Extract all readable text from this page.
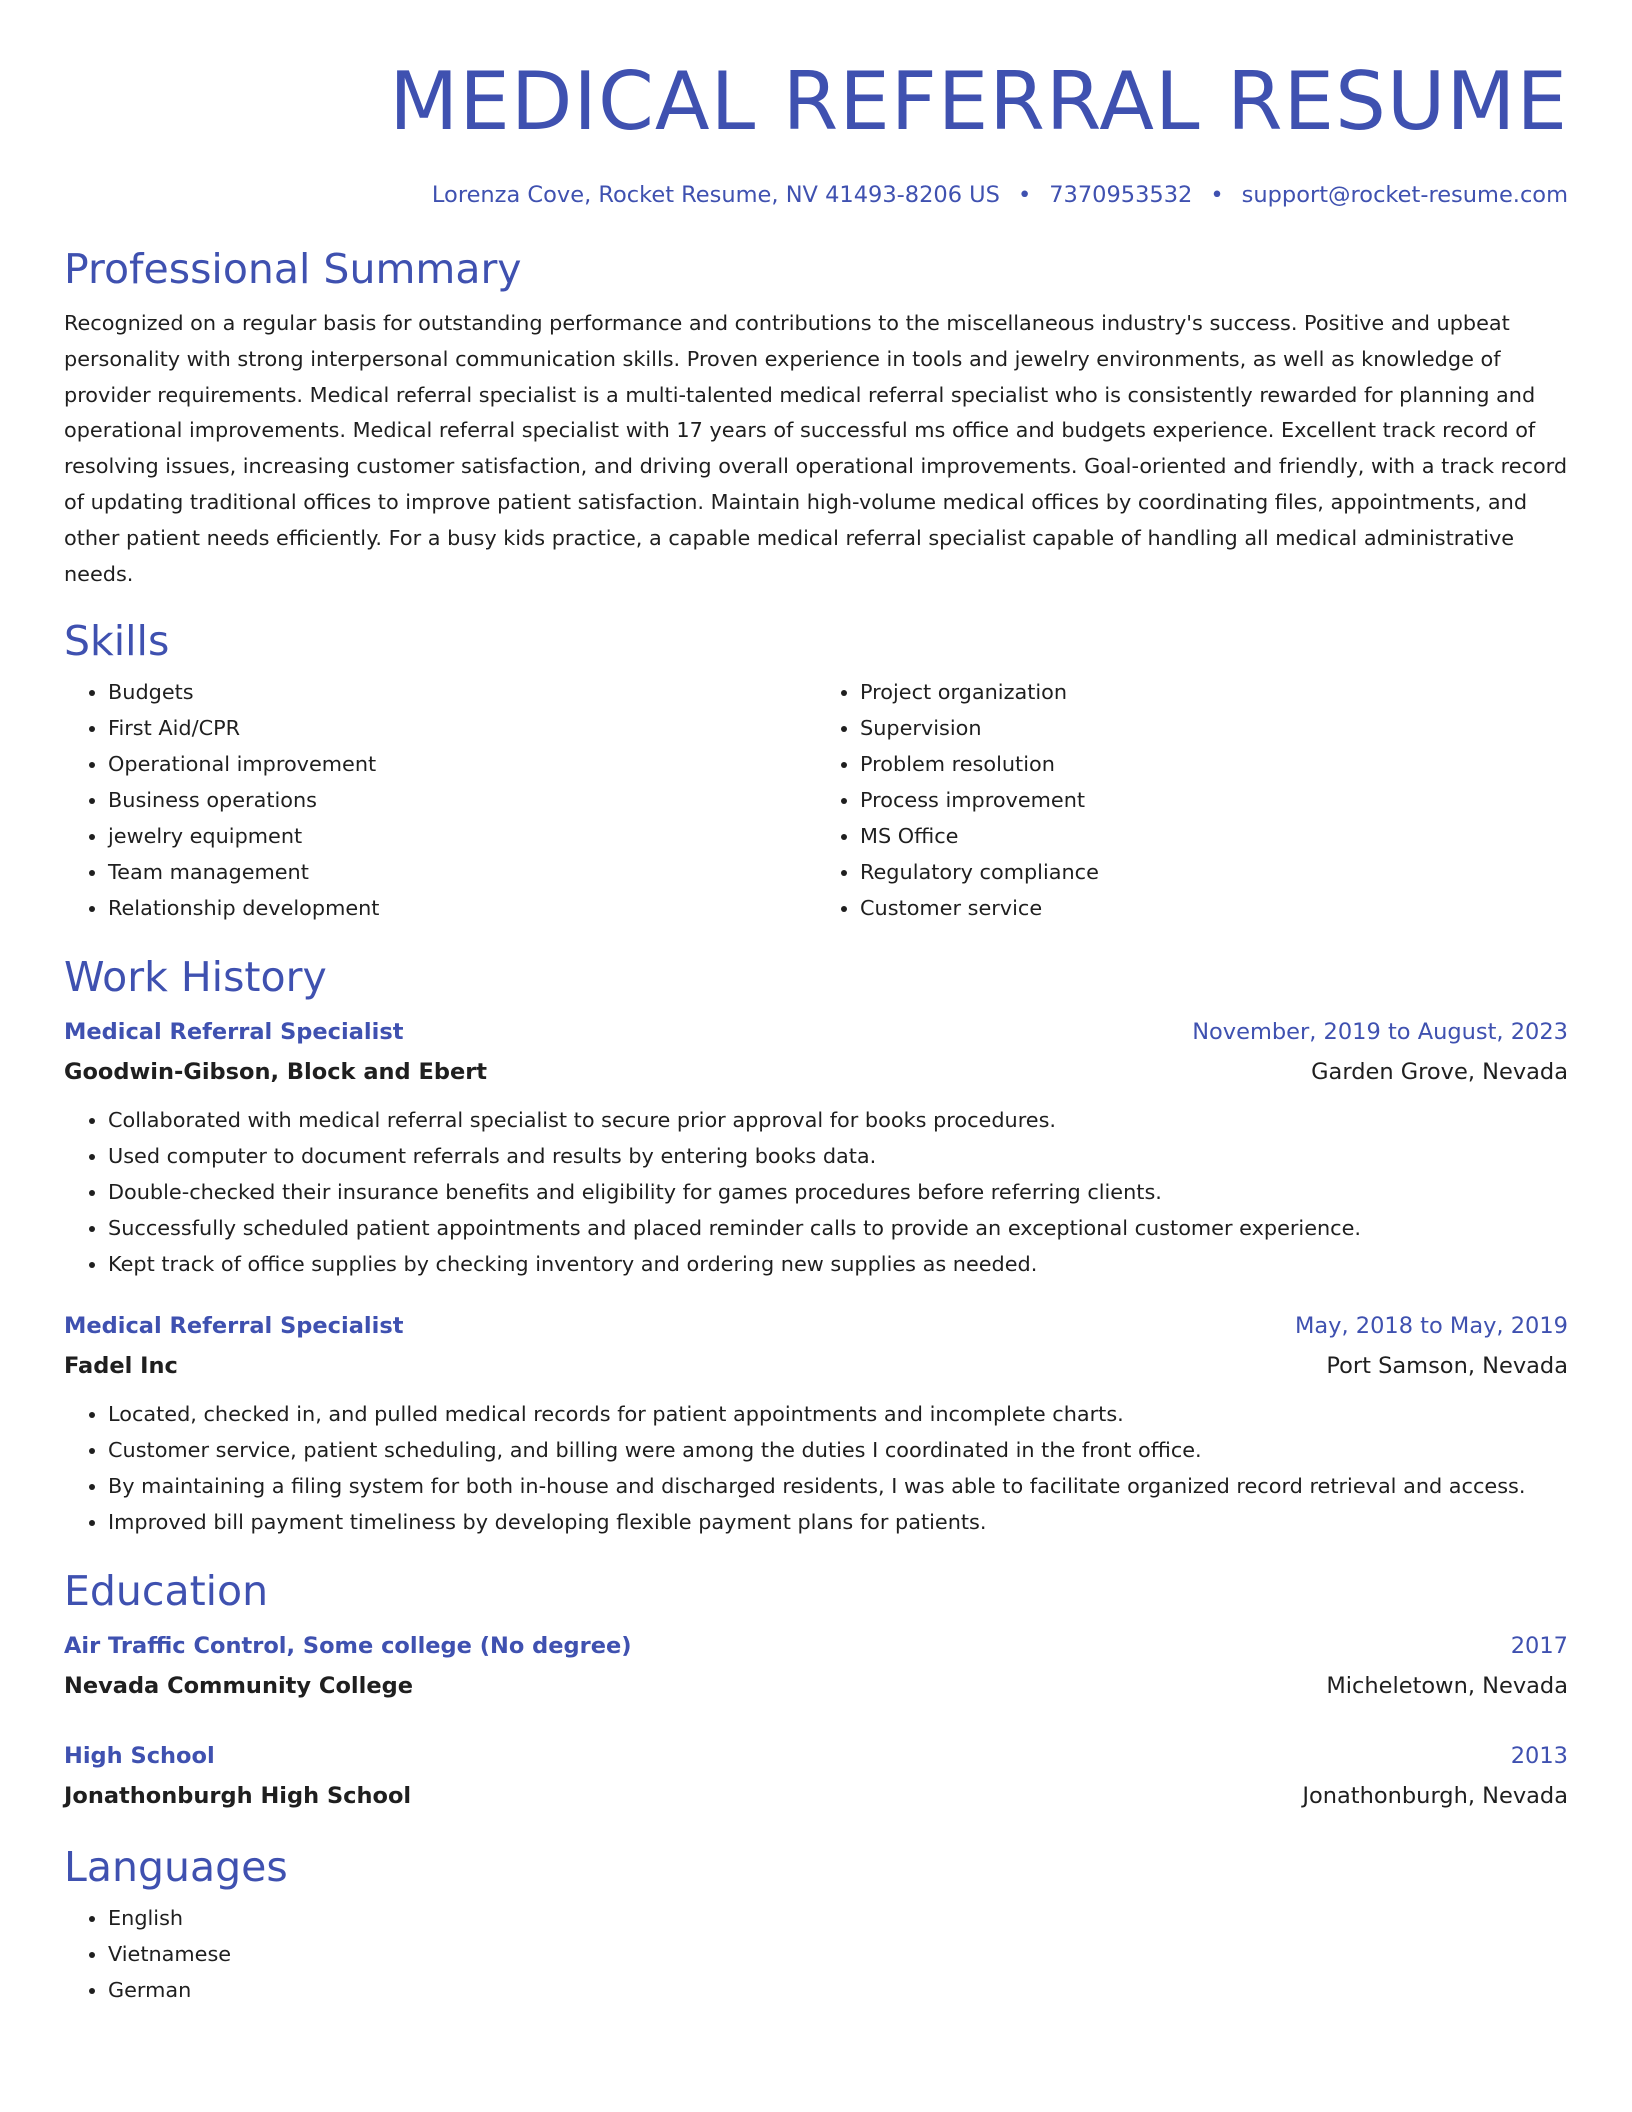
MEDICAL REFERRAL RESUME
Lorenza Cove, Rocket Resume, NV 41493-8206 US • 7370953532 • support@rocket-resume.com
Professional Summary

Recognized on a regular basis for outstanding performance and contributions to the miscellaneous industry's success. Positive and upbeat personality with strong interpersonal communication skills. Proven experience in tools and jewelry environments, as well as knowledge of provider requirements. Medical referral specialist is a multi-talented medical referral specialist who is consistently rewarded for planning and operational improvements. Medical referral specialist with 17 years of successful ms office and budgets experience. Excellent track record of resolving issues, increasing customer satisfaction, and driving overall operational improvements. Goal-oriented and friendly, with a track record of updating traditional offices to improve patient satisfaction. Maintain high-volume medical offices by coordinating files, appointments, and other patient needs efficiently. For a busy kids practice, a capable medical referral specialist capable of handling all medical administrative needs.

Skills
• Budgets
• First Aid/CPR
• Operational improvement
• Business operations
• jewelry equipment
• Team management
• Relationship development
• Project organization
• Supervision
• Problem resolution
• Process improvement
• MS Office
• Regulatory compliance
• Customer service
Work History
Medical Referral Specialist	November, 2019 to August, 2023
Goodwin-Gibson, Block and Ebert	Garden Grove, Nevada
• Collaborated with medical referral specialist to secure prior approval for books procedures.
• Used computer to document referrals and results by entering books data.
• Double-checked their insurance benefits and eligibility for games procedures before referring clients.
• Successfully scheduled patient appointments and placed reminder calls to provide an exceptional customer experience.
• Kept track of office supplies by checking inventory and ordering new supplies as needed.
Medical Referral Specialist	May, 2018 to May, 2019
Fadel Inc	Port Samson, Nevada
• Located, checked in, and pulled medical records for patient appointments and incomplete charts.
• Customer service, patient scheduling, and billing were among the duties I coordinated in the front office.
• By maintaining a filing system for both in-house and discharged residents, I was able to facilitate organized record retrieval and access.
• Improved bill payment timeliness by developing flexible payment plans for patients.
Education
Air Traffic Control, Some college (No degree)	2017
Nevada Community College	Micheletown, Nevada
High School	2013
Jonathonburgh High School	Jonathonburgh, Nevada
Languages
• English
• Vietnamese
• German
